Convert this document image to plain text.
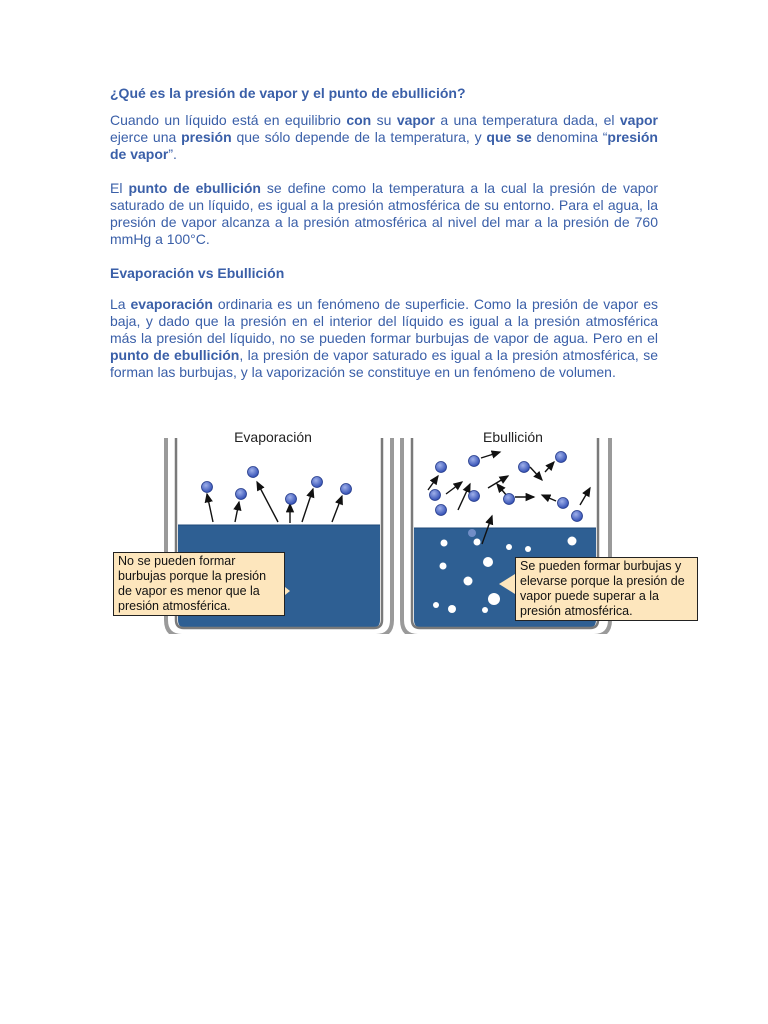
¿Qué es la presión de vapor y el punto de ebullición?

Cuando un líquido está en equilibrio con su vapor a una temperatura dada, el vapor ejerce una presión que sólo depende de la temperatura, y que se denomina “presión de vapor”.

El punto de ebullición se define como la temperatura a la cual la presión de vapor saturado de un líquido, es igual a la presión atmosférica de su entorno. Para el agua, la presión de vapor alcanza a la presión atmosférica al nivel del mar a la presión de 760 mmHg a 100°C.

Evaporación vs Ebullición

La evaporación ordinaria es un fenómeno de superficie. Como la presión de vapor es baja, y dado que la presión en el interior del líquido es igual a la presión atmosférica más la presión del líquido, no se pueden formar burbujas de vapor de agua. Pero en el punto de ebullición, la presión de vapor saturado es igual a la presión atmosférica, se forman las burbujas, y la vaporización se constituye en un fenómeno de volumen.

Evaporación	Ebullición
No se pueden formar burbujas porque la presión de vapor es menor que la presión atmosférica.
Se pueden formar burbujas y elevarse porque la presión de vapor puede superar a la presión atmosférica.
